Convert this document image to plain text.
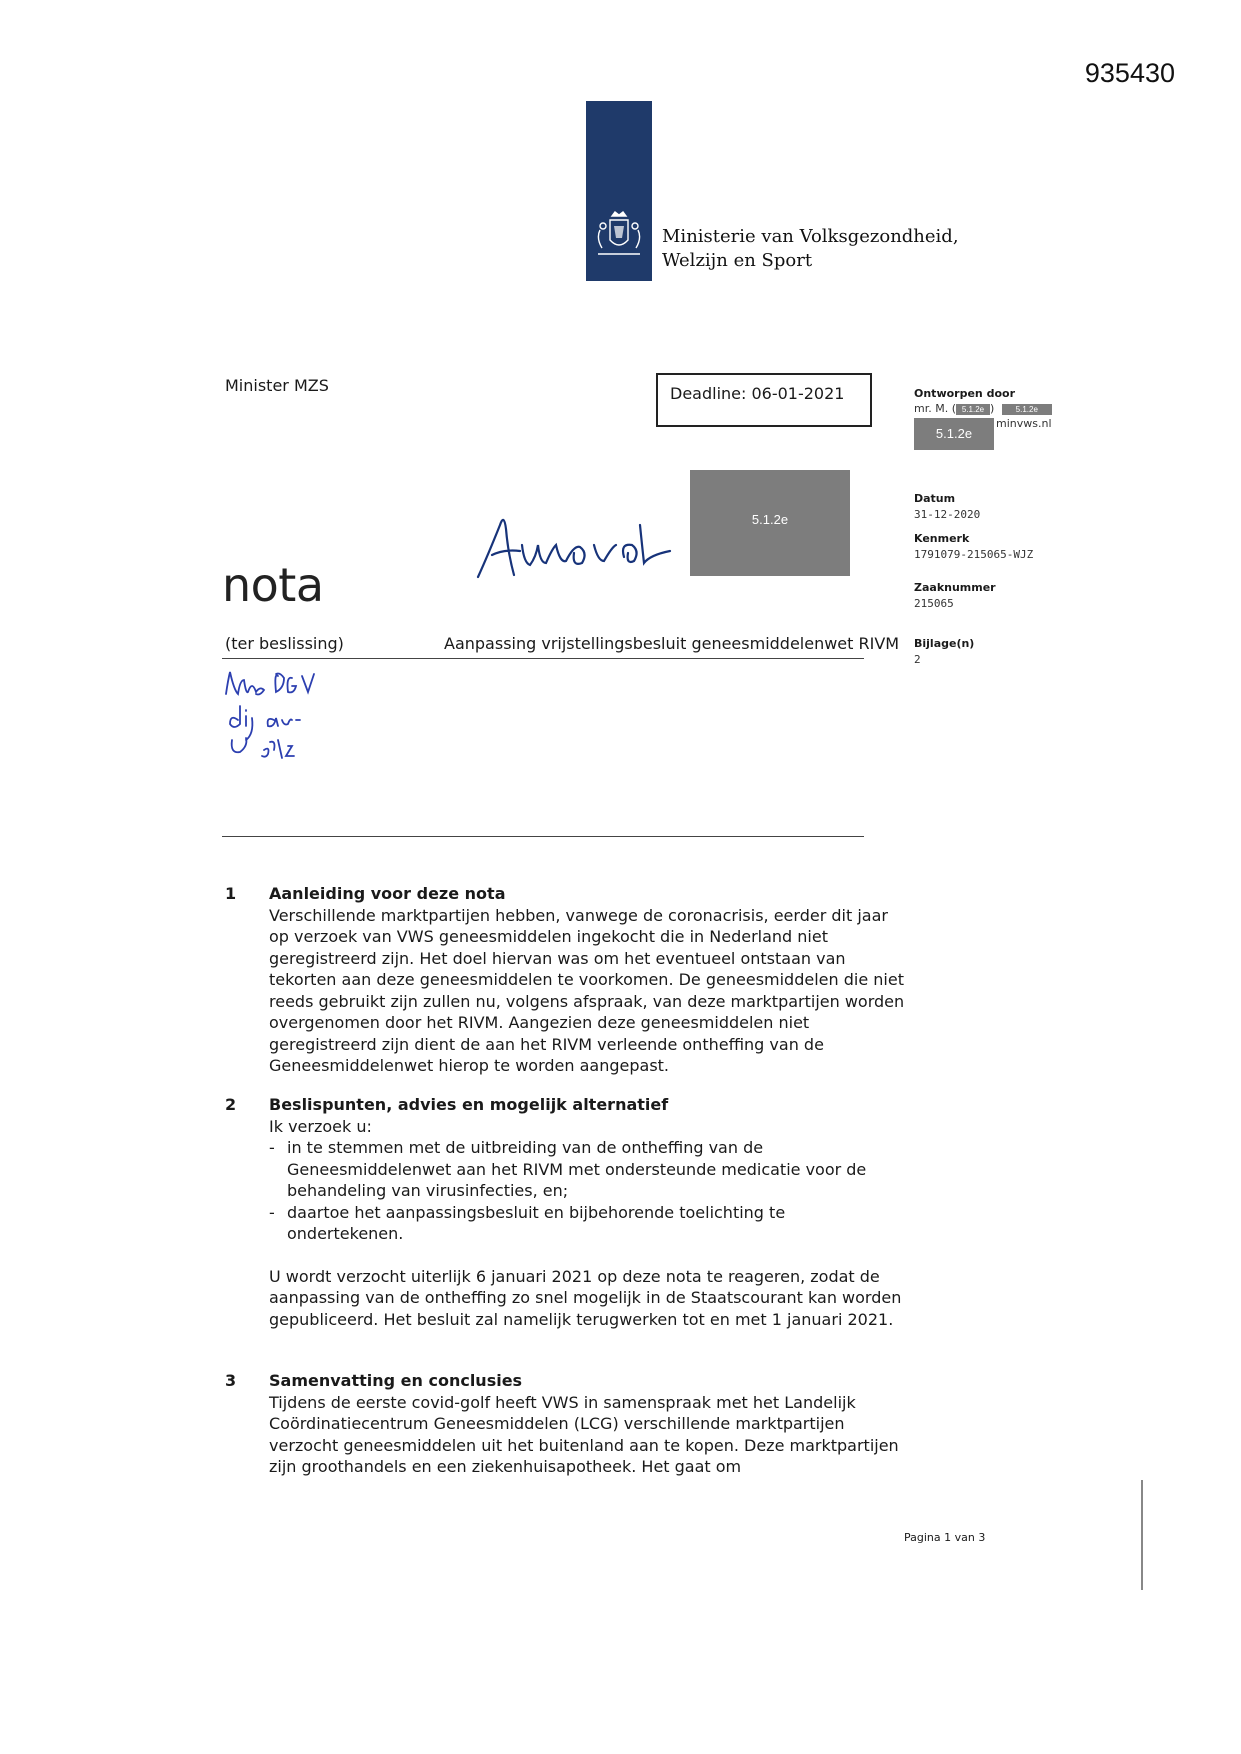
935430
Ministerie van Volksgezondheid,
Welzijn en Sport
Minister MZS	Deadline: 06-01-2021	Ontworpen door
mr. M. ( 5.1.2e )	5.1.2e
5.1.2e
minvws.nl
Datum
31-12-2020
Kenmerk
1791079-215065-WJZ
Zaaknummer
215065
Bijlage(n)
2
5.1.2e
nota
(ter beslissing)	Aanpassing vrijstellingsbesluit geneesmiddelenwet RIVM
1 Aanleiding voor deze nota

Verschillende marktpartijen hebben, vanwege de coronacrisis, eerder dit jaar op verzoek van VWS geneesmiddelen ingekocht die in Nederland niet geregistreerd zijn. Het doel hiervan was om het eventueel ontstaan van tekorten aan deze geneesmiddelen te voorkomen. De geneesmiddelen die niet reeds gebruikt zijn zullen nu, volgens afspraak, van deze marktpartijen worden overgenomen door het RIVM. Aangezien deze geneesmiddelen niet geregistreerd zijn dient de aan het RIVM verleende ontheffing van de Geneesmiddelenwet hierop te worden aangepast.

2 Beslispunten, advies en mogelijk alternatief

Ik verzoek u:

- in te stemmen met de uitbreiding van de ontheffing van de Geneesmiddelenwet aan het RIVM met ondersteunde medicatie voor de behandeling van virusinfecties, en;
- daartoe het aanpassingsbesluit en bijbehorende toelichting te ondertekenen.

U wordt verzocht uiterlijk 6 januari 2021 op deze nota te reageren, zodat de aanpassing van de ontheffing zo snel mogelijk in de Staatscourant kan worden gepubliceerd. Het besluit zal namelijk terugwerken tot en met 1 januari 2021.

3 Samenvatting en conclusies

Tijdens de eerste covid-golf heeft VWS in samenspraak met het Landelijk Coördinatiecentrum Geneesmiddelen (LCG) verschillende marktpartijen verzocht geneesmiddelen uit het buitenland aan te kopen. Deze marktpartijen zijn groothandels en een ziekenhuisapotheek. Het gaat om

Pagina 1 van 3
